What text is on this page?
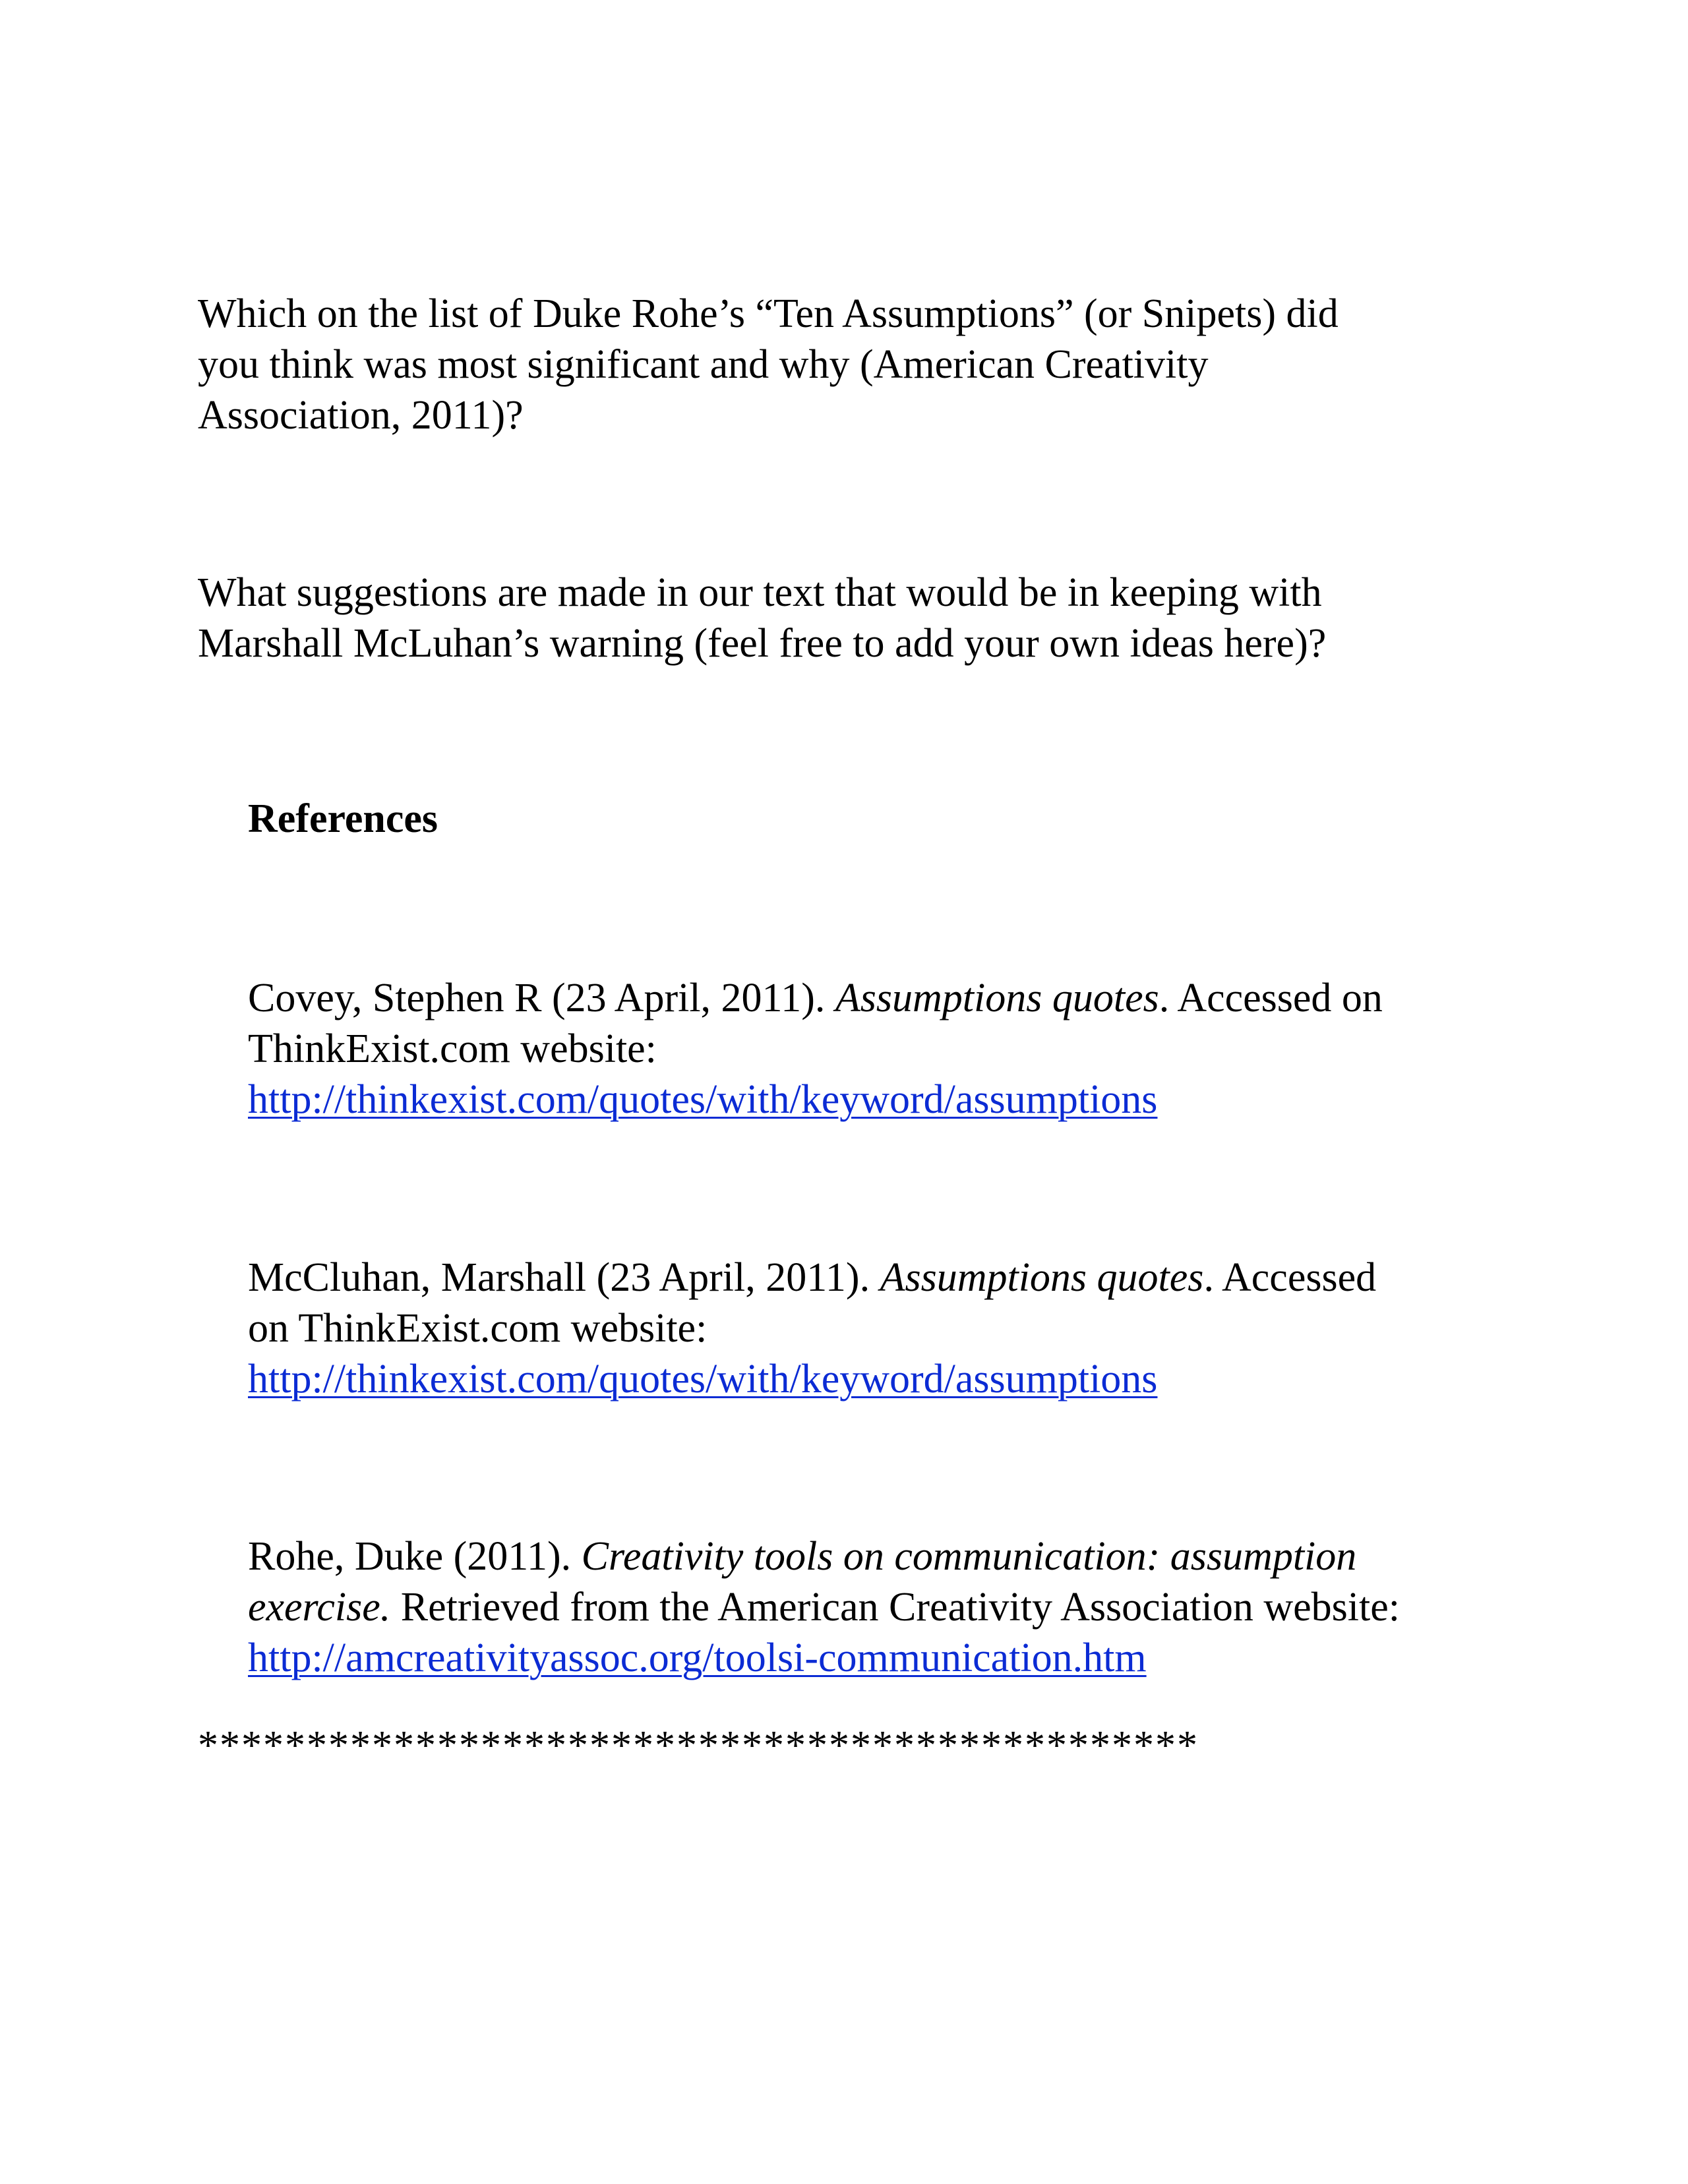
Which on the list of Duke Rohe’s “Ten Assumptions” (or Snipets) did
you think was most significant and why (American Creativity
Association, 2011)?
What suggestions are made in our text that would be in keeping with
Marshall McLuhan’s warning (feel free to add your own ideas here)?
References
Covey, Stephen R (23 April, 2011). Assumptions quotes. Accessed on
ThinkExist.com website:
http://thinkexist.com/quotes/with/keyword/assumptions
McCluhan, Marshall (23 April, 2011). Assumptions quotes. Accessed
on ThinkExist.com website:
http://thinkexist.com/quotes/with/keyword/assumptions
Rohe, Duke (2011). Creativity tools on communication: assumption
exercise. Retrieved from the American Creativity Association website:
http://amcreativityassoc.org/toolsi-communication.htm
**********************************************
